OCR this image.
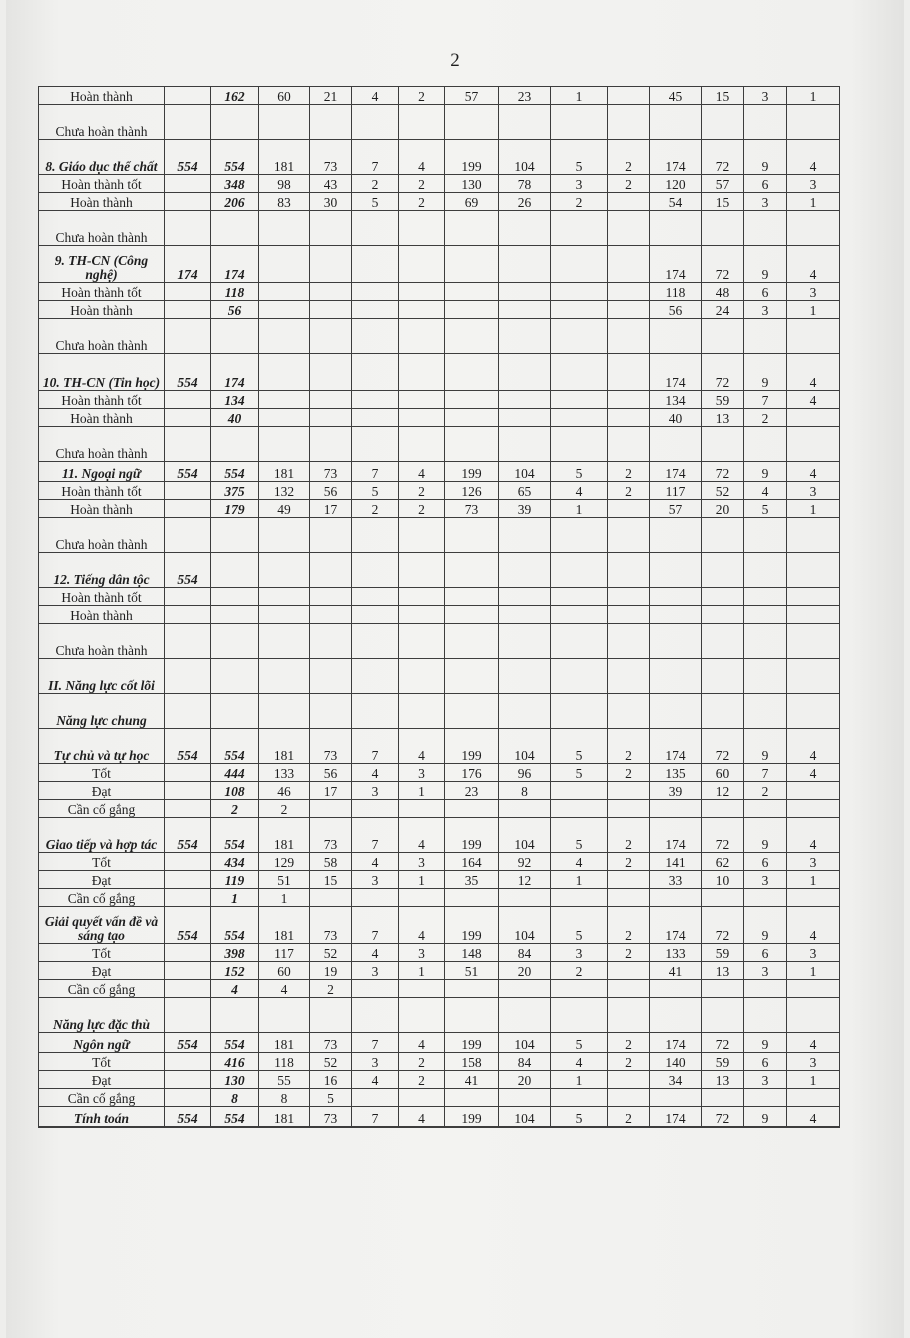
2
Hoàn thành		162	60	21	4	2	57	23	1		45	15	3	1
Chưa hoàn thành														
8. Giáo dục thể chất	554	554	181	73	7	4	199	104	5	2	174	72	9	4
Hoàn thành tốt		348	98	43	2	2	130	78	3	2	120	57	6	3
Hoàn thành		206	83	30	5	2	69	26	2		54	15	3	1
Chưa hoàn thành														
9. TH-CN (Công nghệ)	174	174									174	72	9	4
Hoàn thành tốt		118									118	48	6	3
Hoàn thành		56									56	24	3	1
Chưa hoàn thành														
10. TH-CN (Tin học)	554	174									174	72	9	4
Hoàn thành tốt		134									134	59	7	4
Hoàn thành		40									40	13	2	
Chưa hoàn thành														
11. Ngoại ngữ	554	554	181	73	7	4	199	104	5	2	174	72	9	4
Hoàn thành tốt		375	132	56	5	2	126	65	4	2	117	52	4	3
Hoàn thành		179	49	17	2	2	73	39	1		57	20	5	1
Chưa hoàn thành														
12. Tiếng dân tộc	554													
Hoàn thành tốt														
Hoàn thành														
Chưa hoàn thành														
II. Năng lực cốt lõi														
Năng lực chung														
Tự chủ và tự học	554	554	181	73	7	4	199	104	5	2	174	72	9	4
Tốt		444	133	56	4	3	176	96	5	2	135	60	7	4
Đạt		108	46	17	3	1	23	8			39	12	2	
Cần cố gắng		2	2											
Giao tiếp và hợp tác	554	554	181	73	7	4	199	104	5	2	174	72	9	4
Tốt		434	129	58	4	3	164	92	4	2	141	62	6	3
Đạt		119	51	15	3	1	35	12	1		33	10	3	1
Cần cố gắng		1	1											
Giải quyết vấn đề và sáng tạo	554	554	181	73	7	4	199	104	5	2	174	72	9	4
Tốt		398	117	52	4	3	148	84	3	2	133	59	6	3
Đạt		152	60	19	3	1	51	20	2		41	13	3	1
Cần cố gắng		4	4	2										
Năng lực đặc thù														
Ngôn ngữ	554	554	181	73	7	4	199	104	5	2	174	72	9	4
Tốt		416	118	52	3	2	158	84	4	2	140	59	6	3
Đạt		130	55	16	4	2	41	20	1		34	13	3	1
Cần cố gắng		8	8	5										
Tính toán	554	554	181	73	7	4	199	104	5	2	174	72	9	4
